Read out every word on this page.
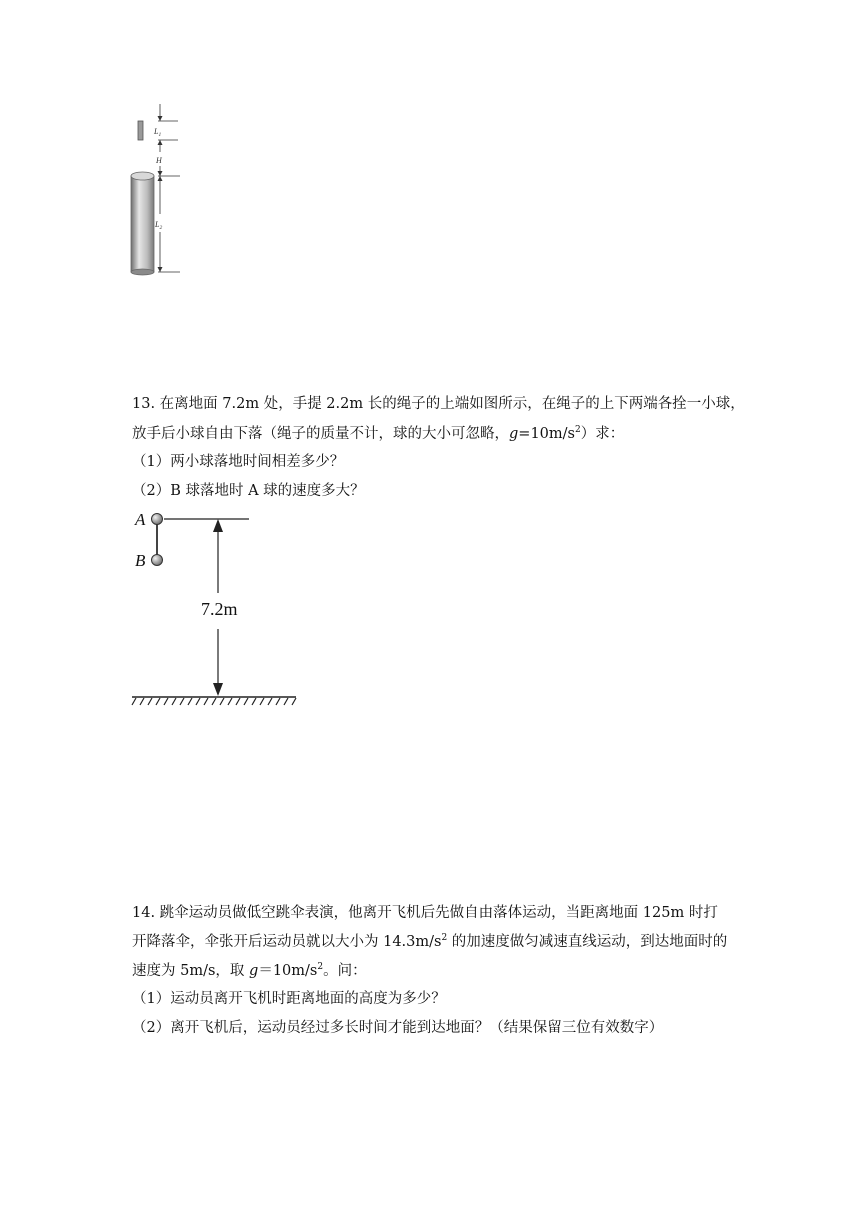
$L_1$
H
$L_2$
13. 在离地面 7.2m 处，手提 2.2m 长的绳子的上端如图所示，在绳子的上下两端各拴一小球，
放手后小球自由下落（绳子的质量不计，球的大小可忽略，$g=10m/s^2$）求：
（1）两小球落地时间相差多少？
（2）B 球落地时 A 球的速度多大？
A
B
7.2m
14. 跳伞运动员做低空跳伞表演，他离开飞机后先做自由落体运动，当距离地面 125m 时打
开降落伞，伞张开后运动员就以大小为 $14.3m/s^2$ 的加速度做匀减速直线运动，到达地面时的
速度为 5m/s，取 $g=10m/s^2$。问：
（1）运动员离开飞机时距离地面的高度为多少？
（2）离开飞机后，运动员经过多长时间才能到达地面？（结果保留三位有效数字）
